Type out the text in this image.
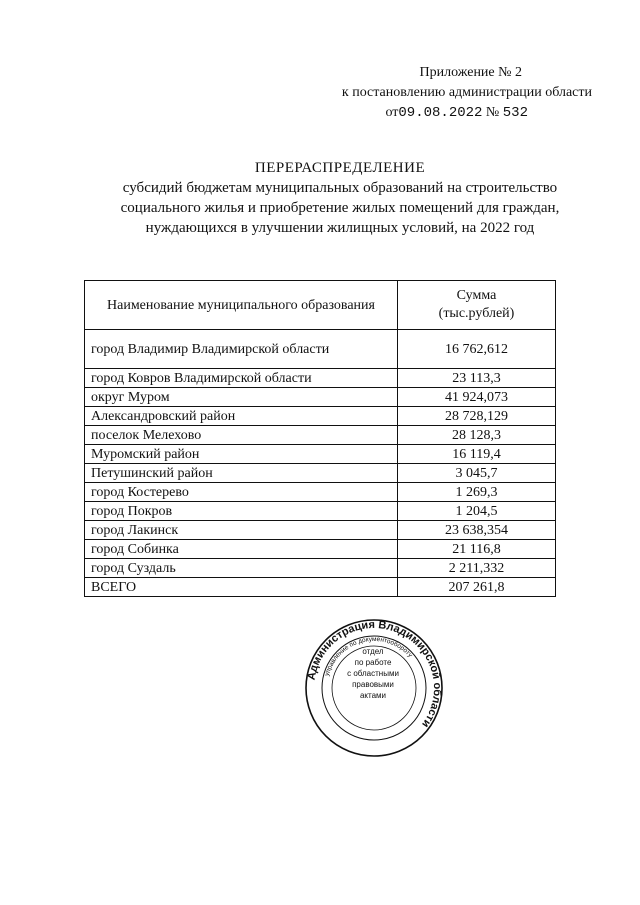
Приложение № 2
к постановлению администрации области
от09.08.2022 № 532
ПЕРЕРАСПРЕДЕЛЕНИЕ
субсидий бюджетам муниципальных образований на строительство
социального жилья и приобретение жилых помещений для граждан,
нуждающихся в улучшении жилищных условий, на 2022 год
Наименование муниципального образования	Сумма
(тыс.рублей)

город Владимир Владимирской области	16 762,612
город Ковров Владимирской области	23 113,3
округ Муром	41 924,073
Александровский район	28 728,129
поселок Мелехово	28 128,3
Муромский район	16 119,4
Петушинский район	3 045,7
город Костерево	1 269,3
город Покров	1 204,5
город Лакинск	23 638,354
город Собинка	21 116,8
город Суздаль	2 211,332
ВСЕГО	207 261,8
Администрация Владимирской области
управление по документообороту
отдел
по работе
с областными
правовыми
актами
